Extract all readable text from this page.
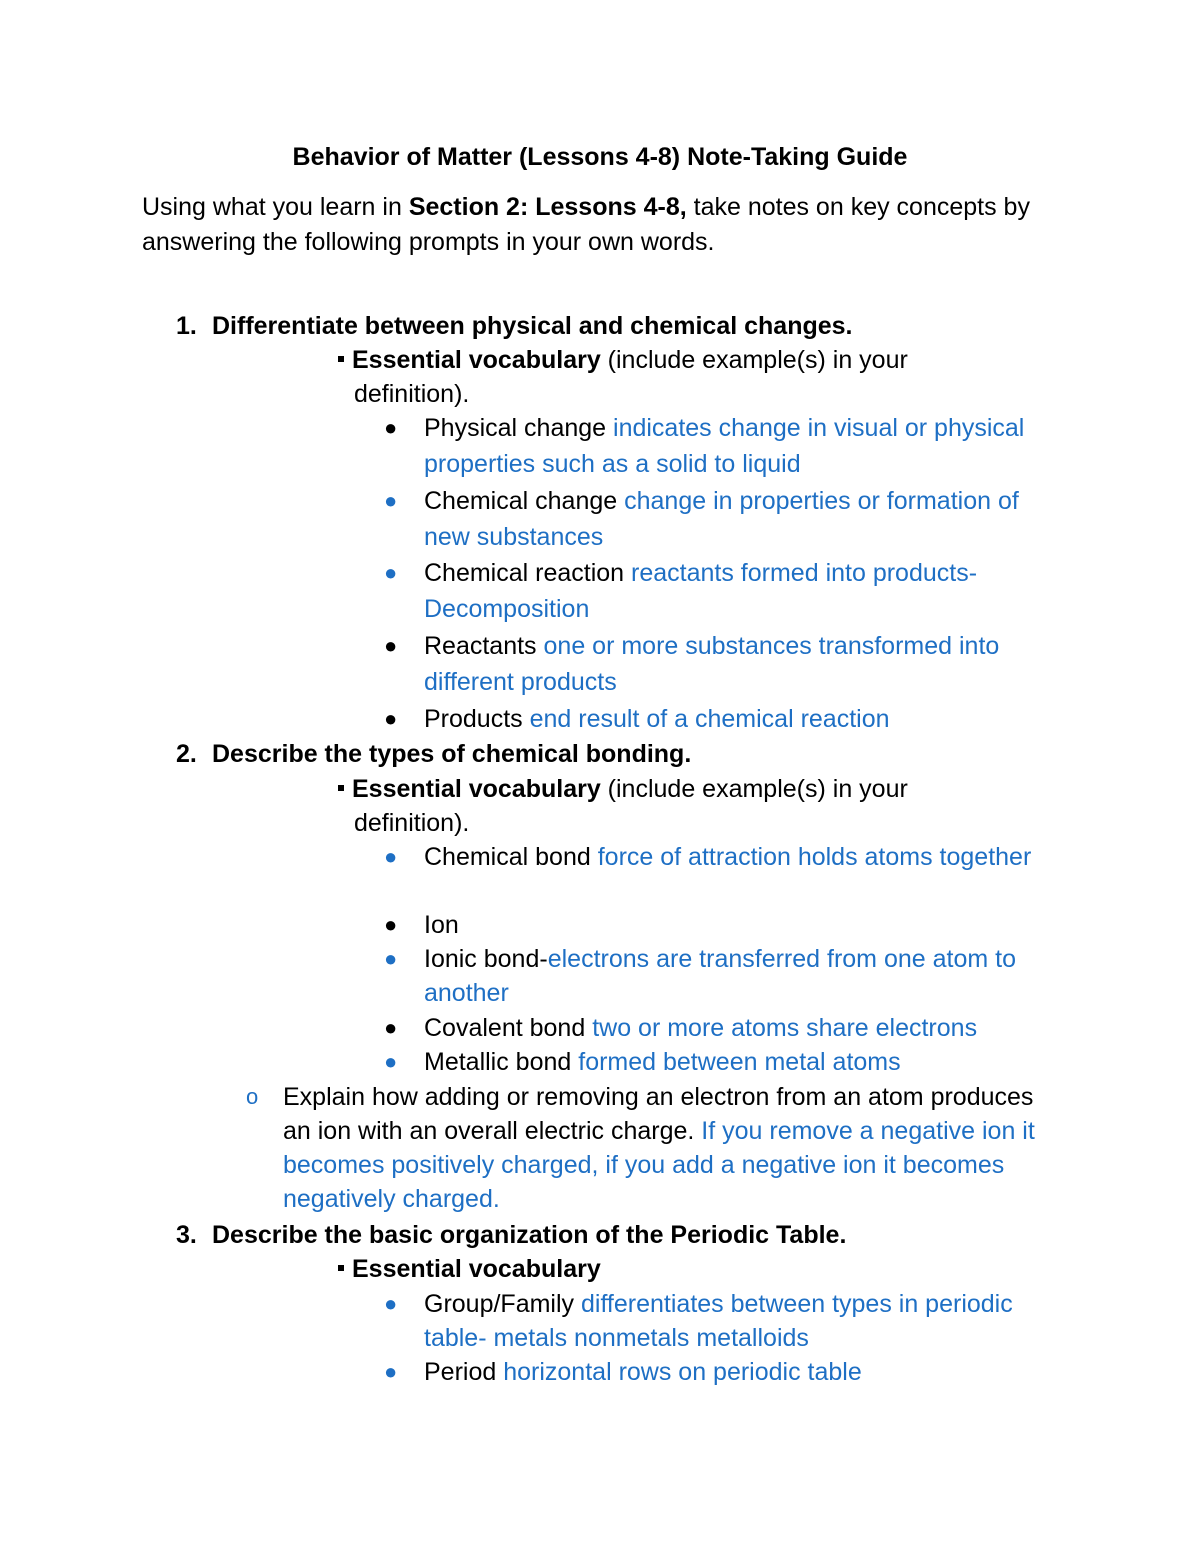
Behavior of Matter (Lessons 4-8) Note-Taking Guide
Using what you learn in Section 2: Lessons 4-8, take notes on key concepts by answering the following prompts in your own words.
1. Differentiate between physical and chemical changes.
Essential vocabulary (include example(s) in your
definition).
●	Physical change indicates change in visual or physical properties such as a solid to liquid
●	Chemical change change in properties or formation of new substances
●	Chemical reaction reactants formed into products- Decomposition
●	Reactants one or more substances transformed into different products
●	Products end result of a chemical reaction
2. Describe the types of chemical bonding.
Essential vocabulary (include example(s) in your
definition).
●	Chemical bond force of attraction holds atoms together
●	Ion
●	Ionic bond-electrons are transferred from one atom to another
●	Covalent bond two or more atoms share electrons
●	Metallic bond formed between metal atoms
o Explain how adding or removing an electron from an atom produces an ion with an overall electric charge. If you remove a negative ion it becomes positively charged, if you add a negative ion it becomes negatively charged.
3. Describe the basic organization of the Periodic Table.
Essential vocabulary
●	Group/Family differentiates between types in periodic table- metals nonmetals metalloids
●	Period horizontal rows on periodic table
